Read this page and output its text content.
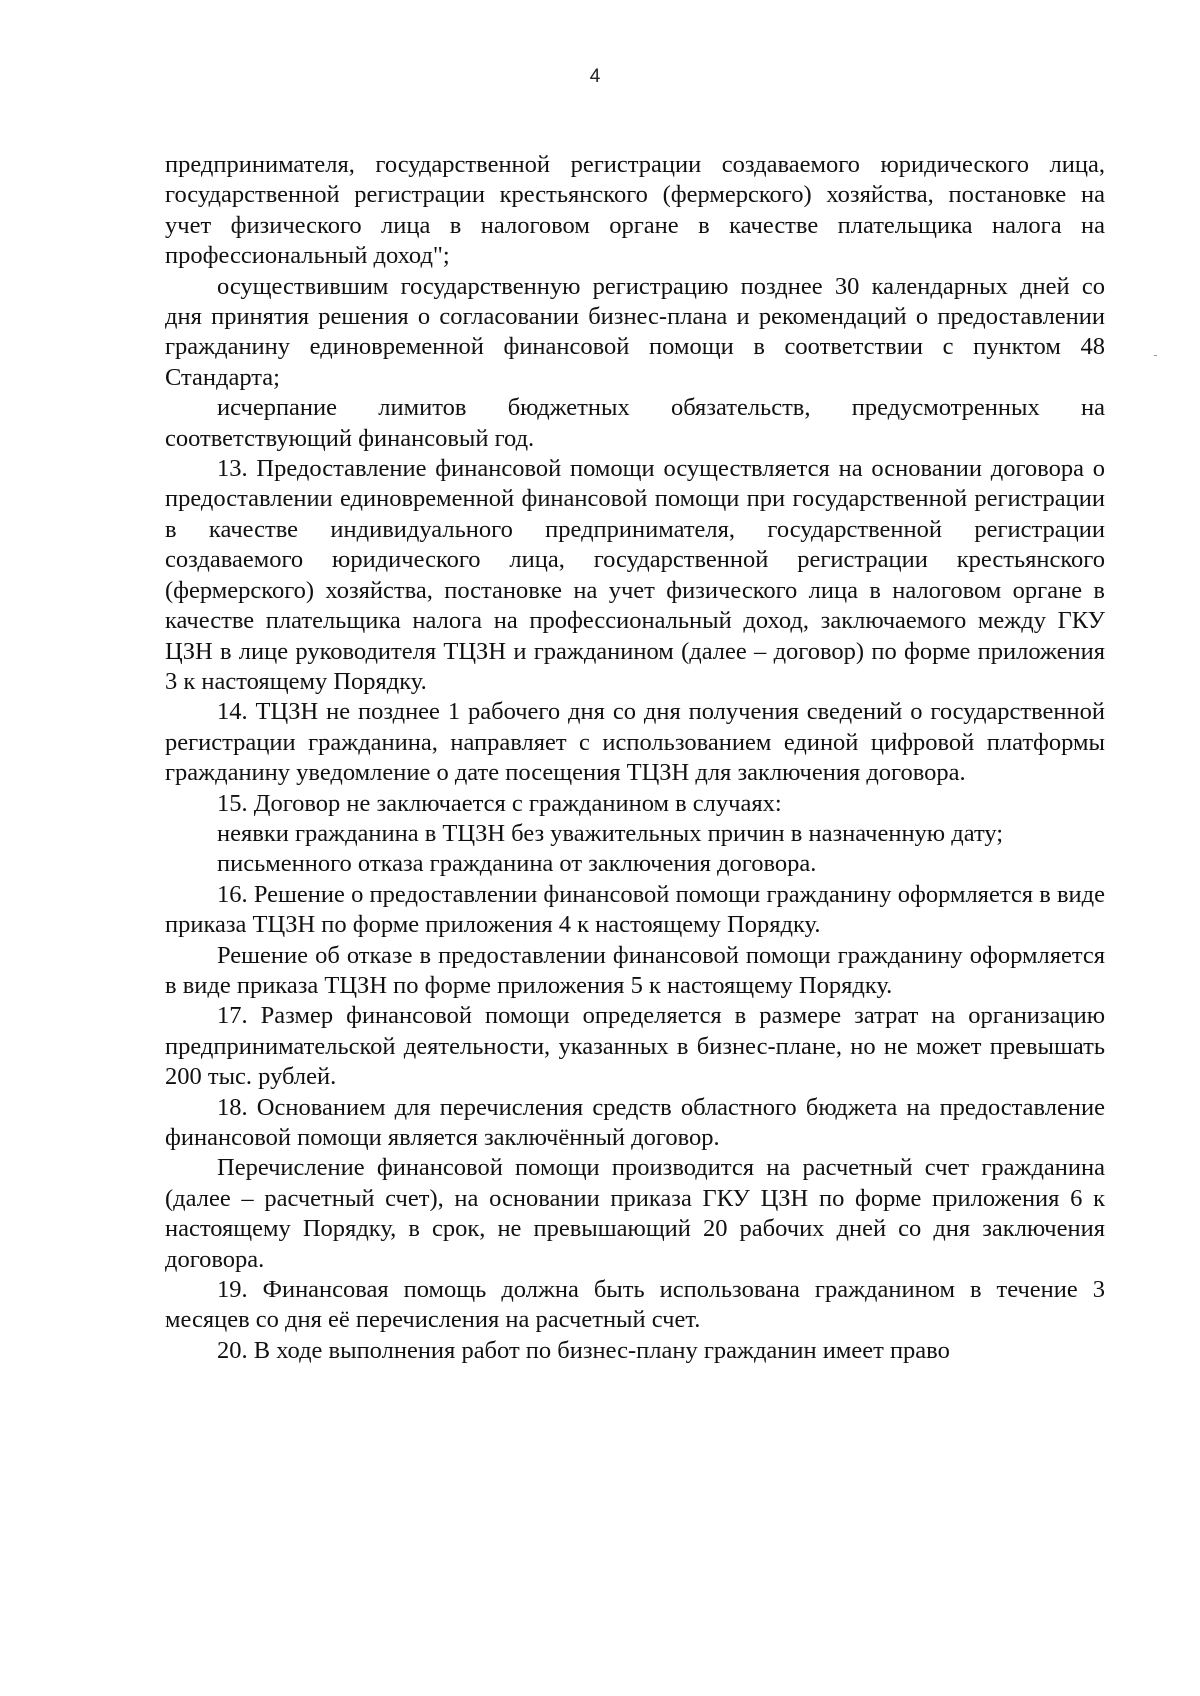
4

предпринимателя, государственной регистрации создаваемого юридического лица, государственной регистрации крестьянского (фермерского) хозяйства, постановке на учет физического лица в налоговом органе в качестве плательщика налога на профессиональный доход";

осуществившим государственную регистрацию позднее 30 календарных дней со дня принятия решения о согласовании бизнес-плана и рекомендаций о предоставлении гражданину единовременной финансовой помощи в соответствии с пунктом 48 Стандарта;

исчерпание лимитов бюджетных обязательств, предусмотренных на соответствующий финансовый год.

13. Предоставление финансовой помощи осуществляется на основании договора о предоставлении единовременной финансовой помощи при государственной регистрации в качестве индивидуального предпринимателя, государственной регистрации создаваемого юридического лица, государственной регистрации крестьянского (фермерского) хозяйства, постановке на учет физического лица в налоговом органе в качестве плательщика налога на профессиональный доход, заключаемого между ГКУ ЦЗН в лице руководителя ТЦЗН и гражданином (далее – договор) по форме приложения 3 к настоящему Порядку.

14. ТЦЗН не позднее 1 рабочего дня со дня получения сведений о государственной регистрации гражданина, направляет с использованием единой цифровой платформы гражданину уведомление о дате посещения ТЦЗН для заключения договора.

15. Договор не заключается с гражданином в случаях:

неявки гражданина в ТЦЗН без уважительных причин в назначенную дату;

письменного отказа гражданина от заключения договора.

16. Решение о предоставлении финансовой помощи гражданину оформляется в виде приказа ТЦЗН по форме приложения 4 к настоящему Порядку.

Решение об отказе в предоставлении финансовой помощи гражданину оформляется в виде приказа ТЦЗН по форме приложения 5 к настоящему Порядку.

17. Размер финансовой помощи определяется в размере затрат на организацию предпринимательской деятельности, указанных в бизнес-плане, но не может превышать 200 тыс. рублей.

18. Основанием для перечисления средств областного бюджета на предоставление финансовой помощи является заключённый договор.

Перечисление финансовой помощи производится на расчетный счет гражданина (далее – расчетный счет), на основании приказа ГКУ ЦЗН по форме приложения 6 к настоящему Порядку, в срок, не превышающий 20 рабочих дней со дня заключения договора.

19. Финансовая помощь должна быть использована гражданином в течение 3 месяцев со дня её перечисления на расчетный счет.

20. В ходе выполнения работ по бизнес-плану гражданин имеет право
